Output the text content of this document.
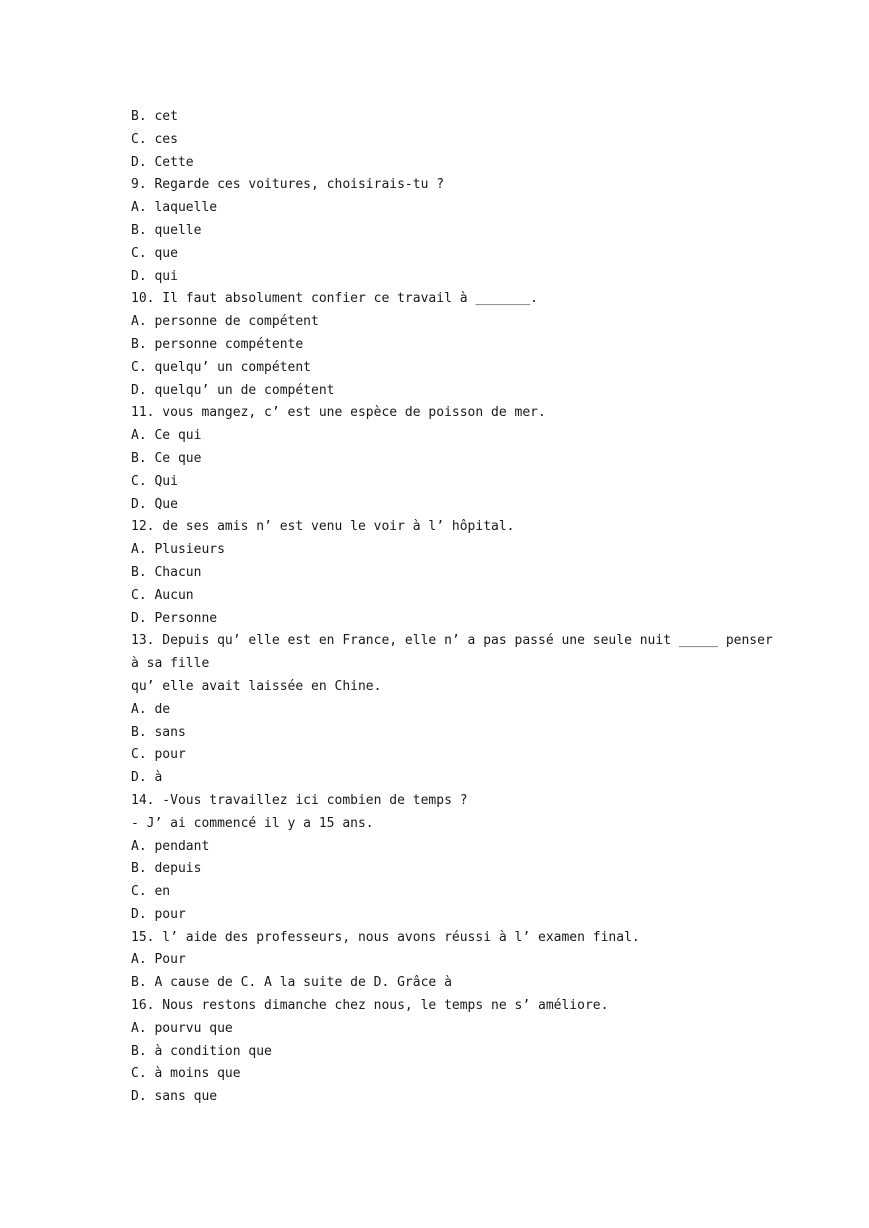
B. cet
C. ces
D. Cette
9. Regarde ces voitures, choisirais-tu ?
A. laquelle
B. quelle
C. que
D. qui
10. Il faut absolument confier ce travail à _______.
A. personne de compétent
B. personne compétente
C. quelqu’ un compétent
D. quelqu’ un de compétent
11. vous mangez, c’ est une espèce de poisson de mer.
A. Ce qui
B. Ce que
C. Qui
D. Que
12. de ses amis n’ est venu le voir à l’ hôpital.
A. Plusieurs
B. Chacun
C. Aucun
D. Personne
13. Depuis qu’ elle est en France, elle n’ a pas passé une seule nuit _____ penser
à sa fille
qu’ elle avait laissée en Chine.
A. de
B. sans
C. pour
D. à
14. -Vous travaillez ici combien de temps ?
- J’ ai commencé il y a 15 ans.
A. pendant
B. depuis
C. en
D. pour
15. l’ aide des professeurs, nous avons réussi à l’ examen final.
A. Pour
B. A cause de C. A la suite de D. Grâce à
16. Nous restons dimanche chez nous, le temps ne s’ améliore.
A. pourvu que
B. à condition que
C. à moins que
D. sans que
